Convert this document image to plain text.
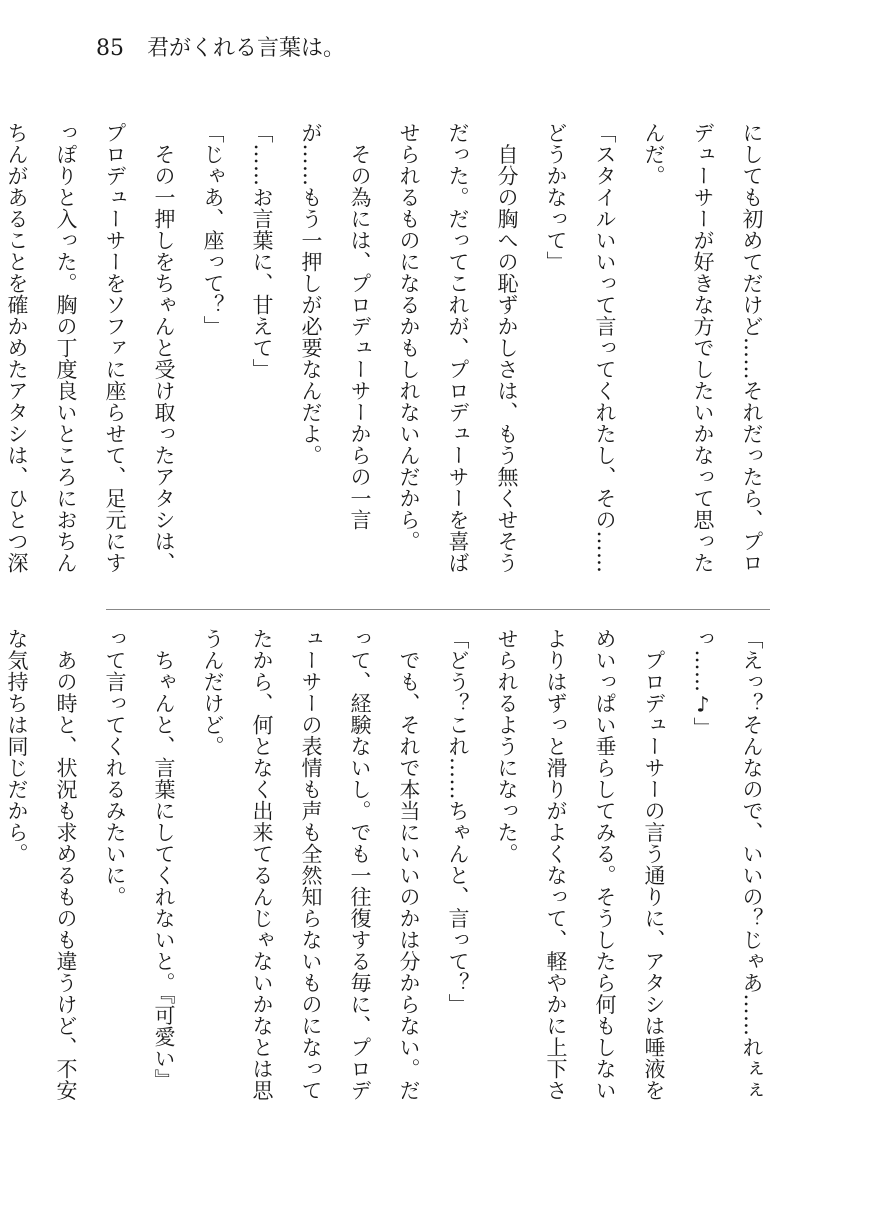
85 君がくれる言葉は。

にしても初めてだけど……それだったら、プロデューサーが好きな方でしたいかなって思ったんだ。

「スタイルいいって言ってくれたし、その……どうかなって」

　自分の胸への恥ずかしさは、もう無くせそうだった。だってこれが、プロデューサーを喜ばせられるものになるかもしれないんだから。

　その為には、プロデューサーからの一言が……もう一押しが必要なんだよ。

「……お言葉に、甘えて」

「じゃあ、座って？」

　その一押しをちゃんと受け取ったアタシは、プロデューサーをソファに座らせて、足元にすっぽりと入った。胸の丁度良いところにおちんちんがあることを確かめたアタシは、ひとつ深

「えっ？そんなので、いいの？じゃあ……れぇぇっ……♪」

　プロデューサーの言う通りに、アタシは唾液をめいっぱい垂らしてみる。そうしたら何もしないよりはずっと滑りがよくなって、軽やかに上下させられるようになった。

「どう？これ……ちゃんと、言って？」

　でも、それで本当にいいのかは分からない。だって、経験ないし。でも一往復する毎に、プロデューサーの表情も声も全然知らないものになってたから、何となく出来てるんじゃないかなとは思うんだけど。

　ちゃんと、言葉にしてくれないと。『可愛い』って言ってくれるみたいに。

　あの時と、状況も求めるものも違うけど、不安な気持ちは同じだから。
